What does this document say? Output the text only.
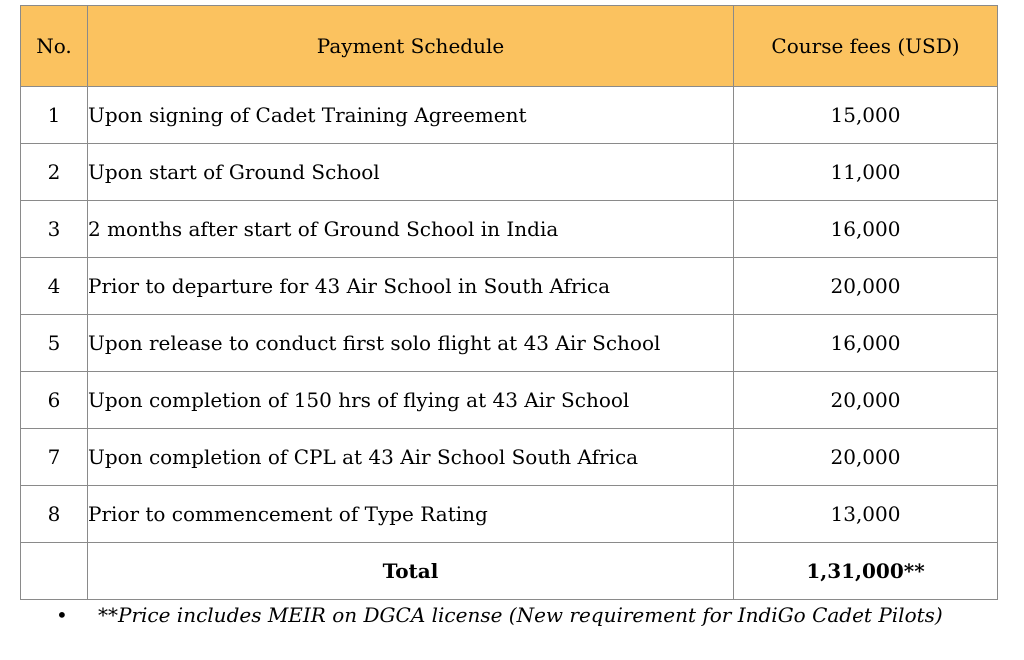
No.	Payment Schedule	Course fees (USD)
1	Upon signing of Cadet Training Agreement	15,000
2	Upon start of Ground School	11,000
3	2 months after start of Ground School in India	16,000
4	Prior to departure for 43 Air School in South Africa	20,000
5	Upon release to conduct first solo flight at 43 Air School	16,000
6	Upon completion of 150 hrs of flying at 43 Air School	20,000
7	Upon completion of CPL at 43 Air School South Africa	20,000
8	Prior to commencement of Type Rating	13,000
	Total	1,31,000**
• **Price includes MEIR on DGCA license (New requirement for IndiGo Cadet Pilots)
